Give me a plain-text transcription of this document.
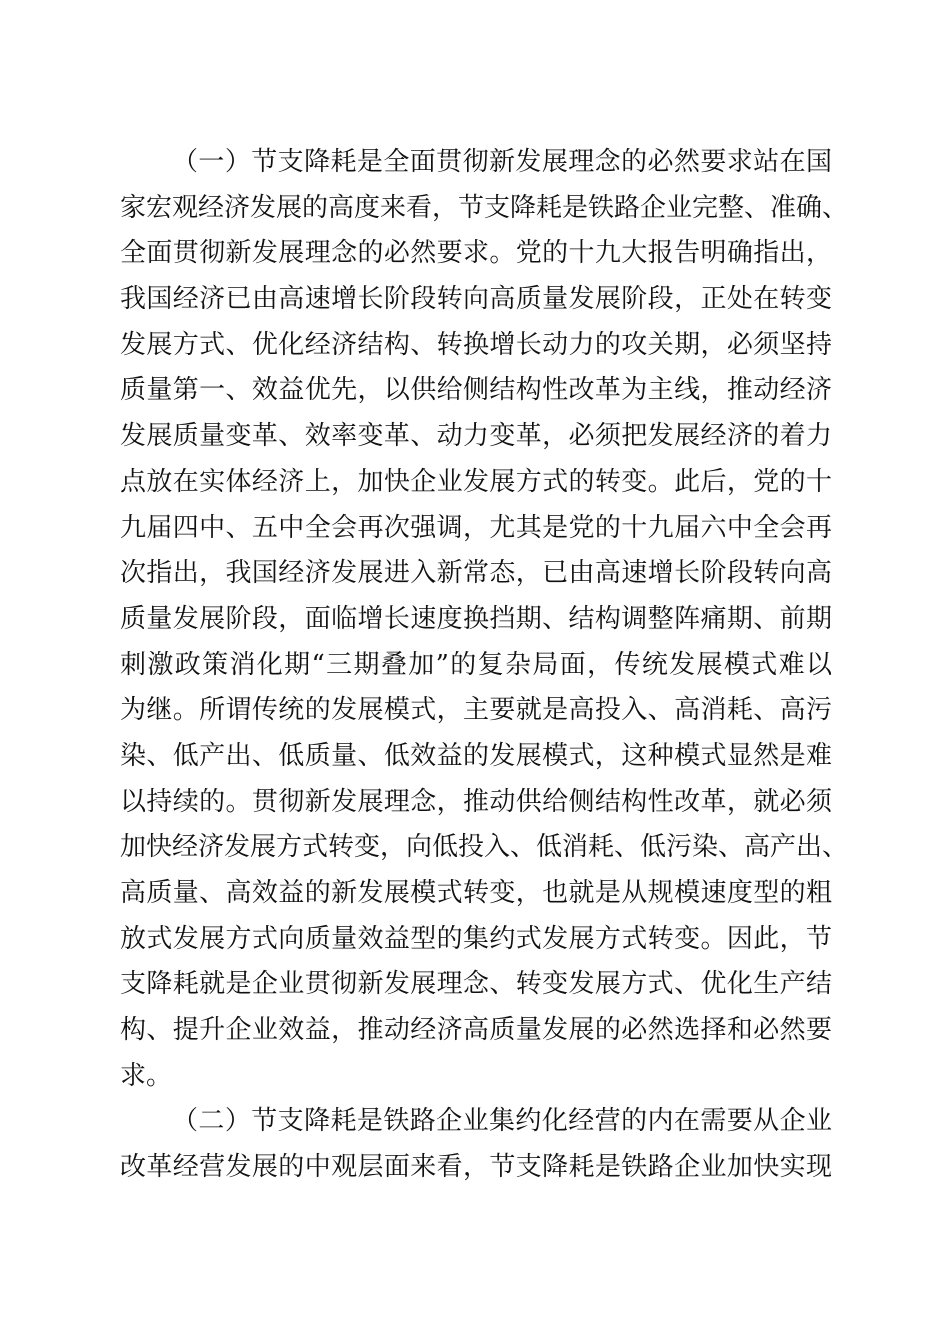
（一）节支降耗是全面贯彻新发展理念的必然要求站在国
家宏观经济发展的高度来看，节支降耗是铁路企业完整、准确、
全面贯彻新发展理念的必然要求。党的十九大报告明确指出，
我国经济已由高速增长阶段转向高质量发展阶段，正处在转变
发展方式、优化经济结构、转换增长动力的攻关期，必须坚持
质量第一、效益优先，以供给侧结构性改革为主线，推动经济
发展质量变革、效率变革、动力变革，必须把发展经济的着力
点放在实体经济上，加快企业发展方式的转变。此后，党的十
九届四中、五中全会再次强调，尤其是党的十九届六中全会再
次指出，我国经济发展进入新常态，已由高速增长阶段转向高
质量发展阶段，面临增长速度换挡期、结构调整阵痛期、前期
刺激政策消化期“三期叠加”的复杂局面，传统发展模式难以
为继。所谓传统的发展模式，主要就是高投入、高消耗、高污
染、低产出、低质量、低效益的发展模式，这种模式显然是难
以持续的。贯彻新发展理念，推动供给侧结构性改革，就必须
加快经济发展方式转变，向低投入、低消耗、低污染、高产出、
高质量、高效益的新发展模式转变，也就是从规模速度型的粗
放式发展方式向质量效益型的集约式发展方式转变。因此，节
支降耗就是企业贯彻新发展理念、转变发展方式、优化生产结
构、提升企业效益，推动经济高质量发展的必然选择和必然要
求。
（二）节支降耗是铁路企业集约化经营的内在需要从企业
改革经营发展的中观层面来看，节支降耗是铁路企业加快实现
